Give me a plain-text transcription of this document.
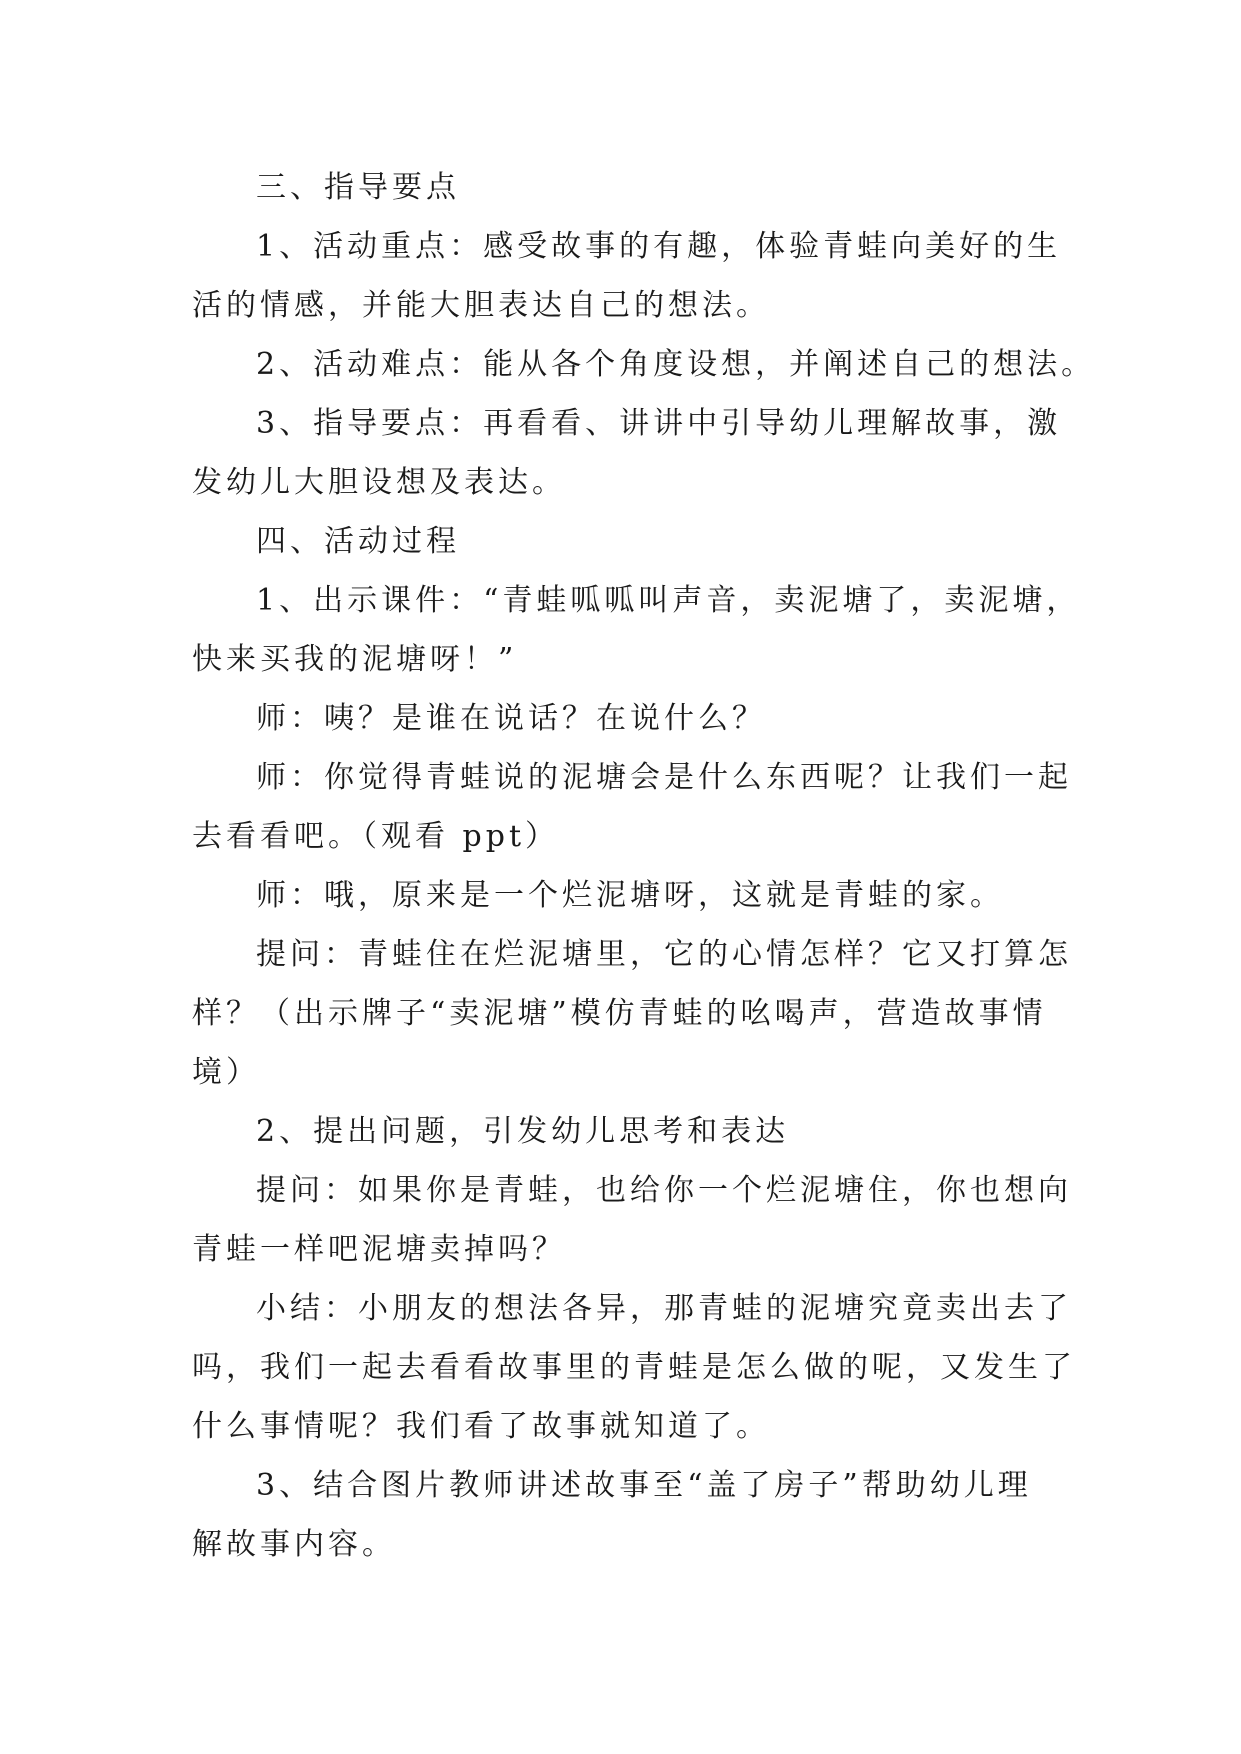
三、指导要点
1、活动重点：感受故事的有趣，体验青蛙向美好的生
活的情感，并能大胆表达自己的想法。
2、活动难点：能从各个角度设想，并阐述自己的想法。
3、指导要点：再看看、讲讲中引导幼儿理解故事，激
发幼儿大胆设想及表达。
四、活动过程
1、出示课件：“青蛙呱呱叫声音，卖泥塘了，卖泥塘，
快来买我的泥塘呀！”
师：咦？是谁在说话？在说什么？
师：你觉得青蛙说的泥塘会是什么东西呢？让我们一起
去看看吧。（观看 ppt）
师：哦，原来是一个烂泥塘呀，这就是青蛙的家。
提问：青蛙住在烂泥塘里，它的心情怎样？它又打算怎
样？（出示牌子“卖泥塘”模仿青蛙的吆喝声，营造故事情
境）
2、提出问题，引发幼儿思考和表达
提问：如果你是青蛙，也给你一个烂泥塘住，你也想向
青蛙一样吧泥塘卖掉吗？
小结：小朋友的想法各异，那青蛙的泥塘究竟卖出去了
吗，我们一起去看看故事里的青蛙是怎么做的呢，又发生了
什么事情呢？我们看了故事就知道了。
3、结合图片教师讲述故事至“盖了房子”帮助幼儿理
解故事内容。
